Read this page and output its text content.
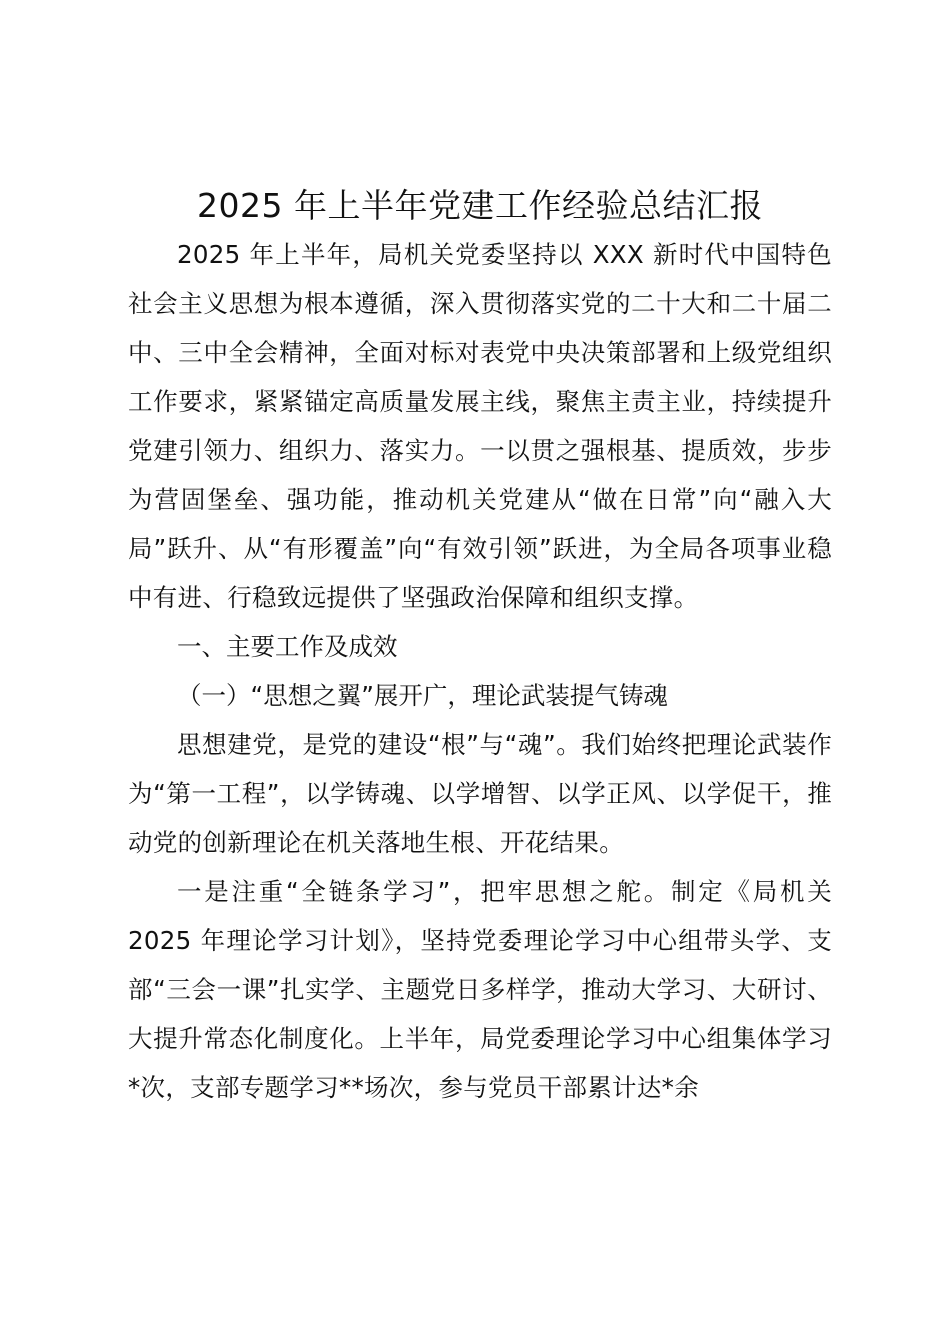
2025 年上半年党建工作经验总结汇报

2025 年上半年，局机关党委坚持以 XXX 新时代中国特色社会主义思想为根本遵循，深入贯彻落实党的二十大和二十届二中、三中全会精神，全面对标对表党中央决策部署和上级党组织工作要求，紧紧锚定高质量发展主线，聚焦主责主业，持续提升党建引领力、组织力、落实力。一以贯之强根基、提质效，步步为营固堡垒、强功能，推动机关党建从“做在日常”向“融入大局”跃升、从“有形覆盖”向“有效引领”跃进，为全局各项事业稳中有进、行稳致远提供了坚强政治保障和组织支撑。

一、主要工作及成效

（一）“思想之翼”展开广，理论武装提气铸魂

思想建党，是党的建设“根”与“魂”。我们始终把理论武装作为“第一工程”，以学铸魂、以学增智、以学正风、以学促干，推动党的创新理论在机关落地生根、开花结果。

一是注重“全链条学习”，把牢思想之舵。制定《局机关 2025 年理论学习计划》，坚持党委理论学习中心组带头学、支部“三会一课”扎实学、主题党日多样学，推动大学习、大研讨、大提升常态化制度化。上半年，局党委理论学习中心组集体学习*次，支部专题学习**场次，参与党员干部累计达*余
